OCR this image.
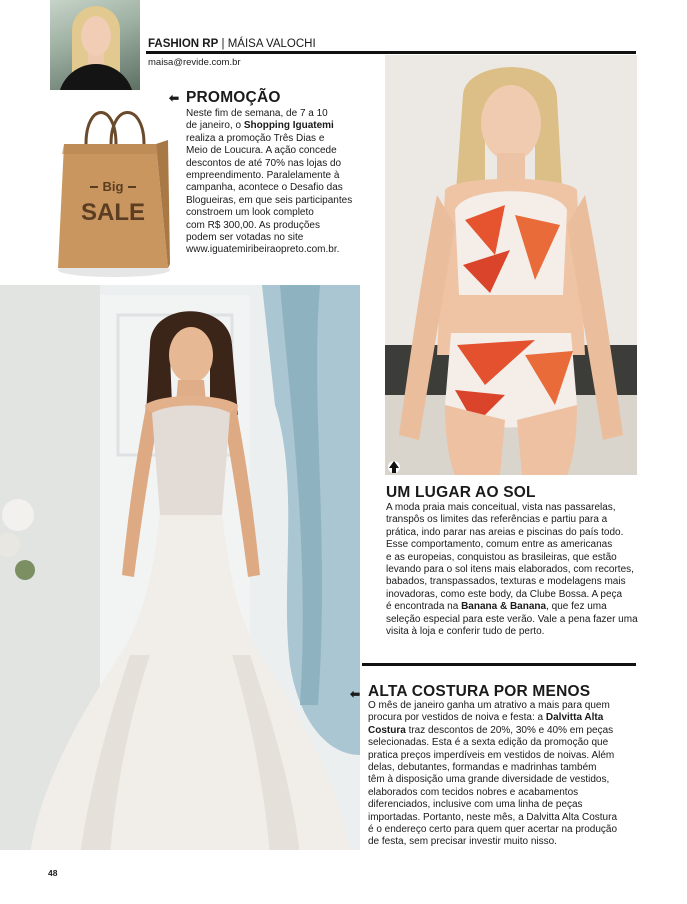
FASHION RP | MÁISA VALOCHI
maisa@revide.com.br
Big
SALE
⬅ PROMOÇÃO
Neste fim de semana, de 7 a 10
de janeiro, o Shopping Iguatemi
realiza a promoção Três Dias e
Meio de Loucura. A ação concede
descontos de até 70% nas lojas do
empreendimento. Paralelamente à
campanha, acontece o Desafio das
Blogueiras, em que seis participantes
constroem um look completo
com R$ 300,00. As produções
podem ser votadas no site
www.iguatemiribeiraopreto.com.br.
UM LUGAR AO SOL
A moda praia mais conceitual, vista nas passarelas,
transpôs os limites das referências e partiu para a
prática, indo parar nas areias e piscinas do país todo.
Esse comportamento, comum entre as americanas
e as europeias, conquistou as brasileiras, que estão
levando para o sol itens mais elaborados, com recortes,
babados, transpassados, texturas e modelagens mais
inovadoras, como este body, da Clube Bossa. A peça
é encontrada na Banana & Banana, que fez uma
seleção especial para este verão. Vale a pena fazer uma
visita à loja e conferir tudo de perto.
⬅ ALTA COSTURA POR MENOS
O mês de janeiro ganha um atrativo a mais para quem
procura por vestidos de noiva e festa: a Dalvitta Alta
Costura traz descontos de 20%, 30% e 40% em peças
selecionadas. Esta é a sexta edição da promoção que
pratica preços imperdíveis em vestidos de noivas. Além
delas, debutantes, formandas e madrinhas também
têm à disposição uma grande diversidade de vestidos,
elaborados com tecidos nobres e acabamentos
diferenciados, inclusive com uma linha de peças
importadas. Portanto, neste mês, a Dalvitta Alta Costura
é o endereço certo para quem quer acertar na produção
de festa, sem precisar investir muito nisso.
48
